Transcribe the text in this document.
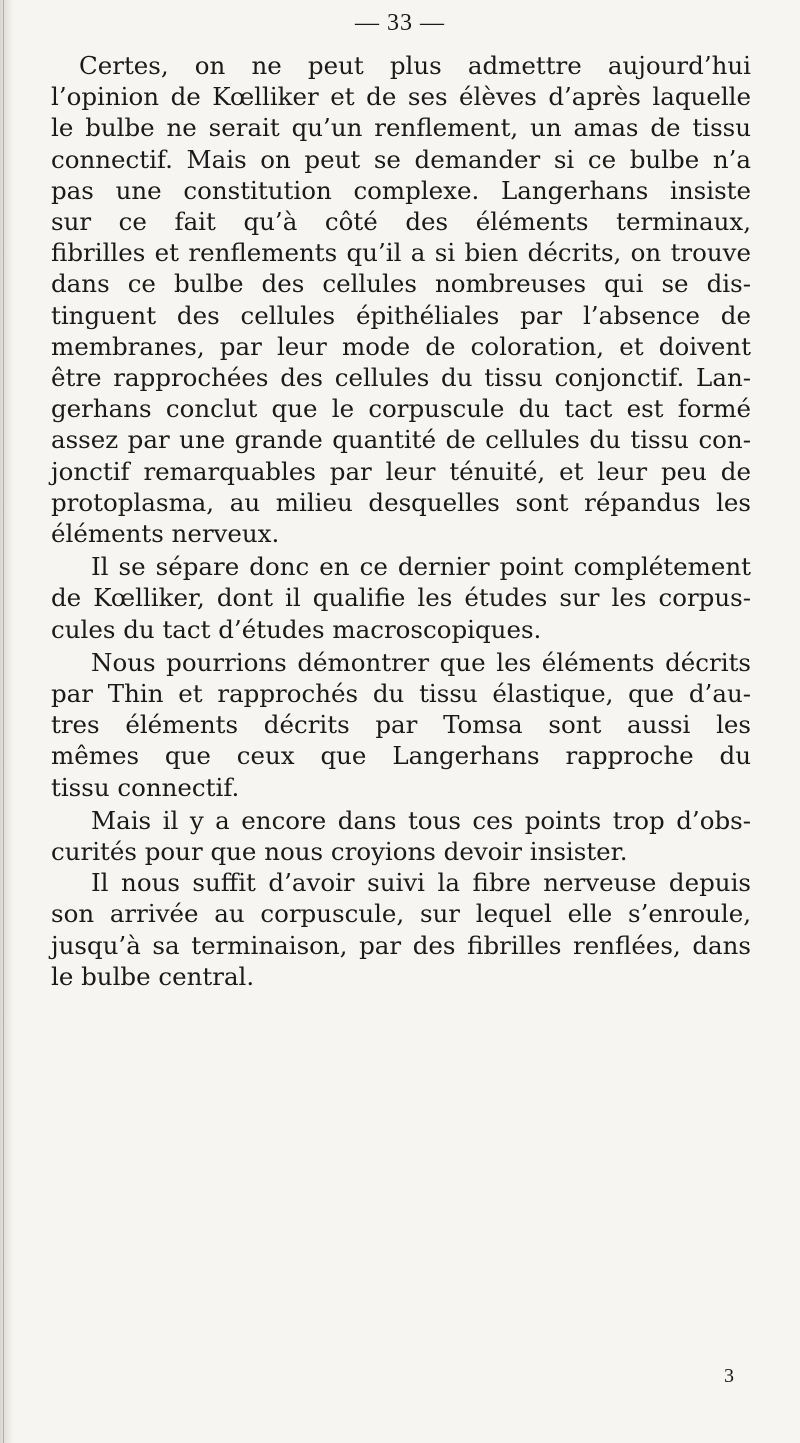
— 33 —
Certes, on ne peut plus admettre aujourd’hui
l’opinion de Kœlliker et de ses élèves d’après laquelle
le bulbe ne serait qu’un renflement, un amas de tissu
connectif. Mais on peut se demander si ce bulbe n’a
pas une constitution complexe. Langerhans insiste
sur ce fait qu’à côté des éléments terminaux,
fibrilles et renflements qu’il a si bien décrits, on trouve
dans ce bulbe des cellules nombreuses qui se dis-
tinguent des cellules épithéliales par l’absence de
membranes, par leur mode de coloration, et doivent
être rapprochées des cellules du tissu conjonctif. Lan-
gerhans conclut que le corpuscule du tact est formé
assez par une grande quantité de cellules du tissu con-
jonctif remarquables par leur ténuité, et leur peu de
protoplasma, au milieu desquelles sont répandus les
éléments nerveux.
Il se sépare donc en ce dernier point complétement
de Kœlliker, dont il qualifie les études sur les corpus-
cules du tact d’études macroscopiques.
Nous pourrions démontrer que les éléments décrits
par Thin et rapprochés du tissu élastique, que d’au-
tres éléments décrits par Tomsa sont aussi les
mêmes que ceux que Langerhans rapproche du
tissu connectif.
Mais il y a encore dans tous ces points trop d’obs-
curités pour que nous croyions devoir insister.
Il nous suffit d’avoir suivi la fibre nerveuse depuis
son arrivée au corpuscule, sur lequel elle s’enroule,
jusqu’à sa terminaison, par des fibrilles renflées, dans
le bulbe central.
3
